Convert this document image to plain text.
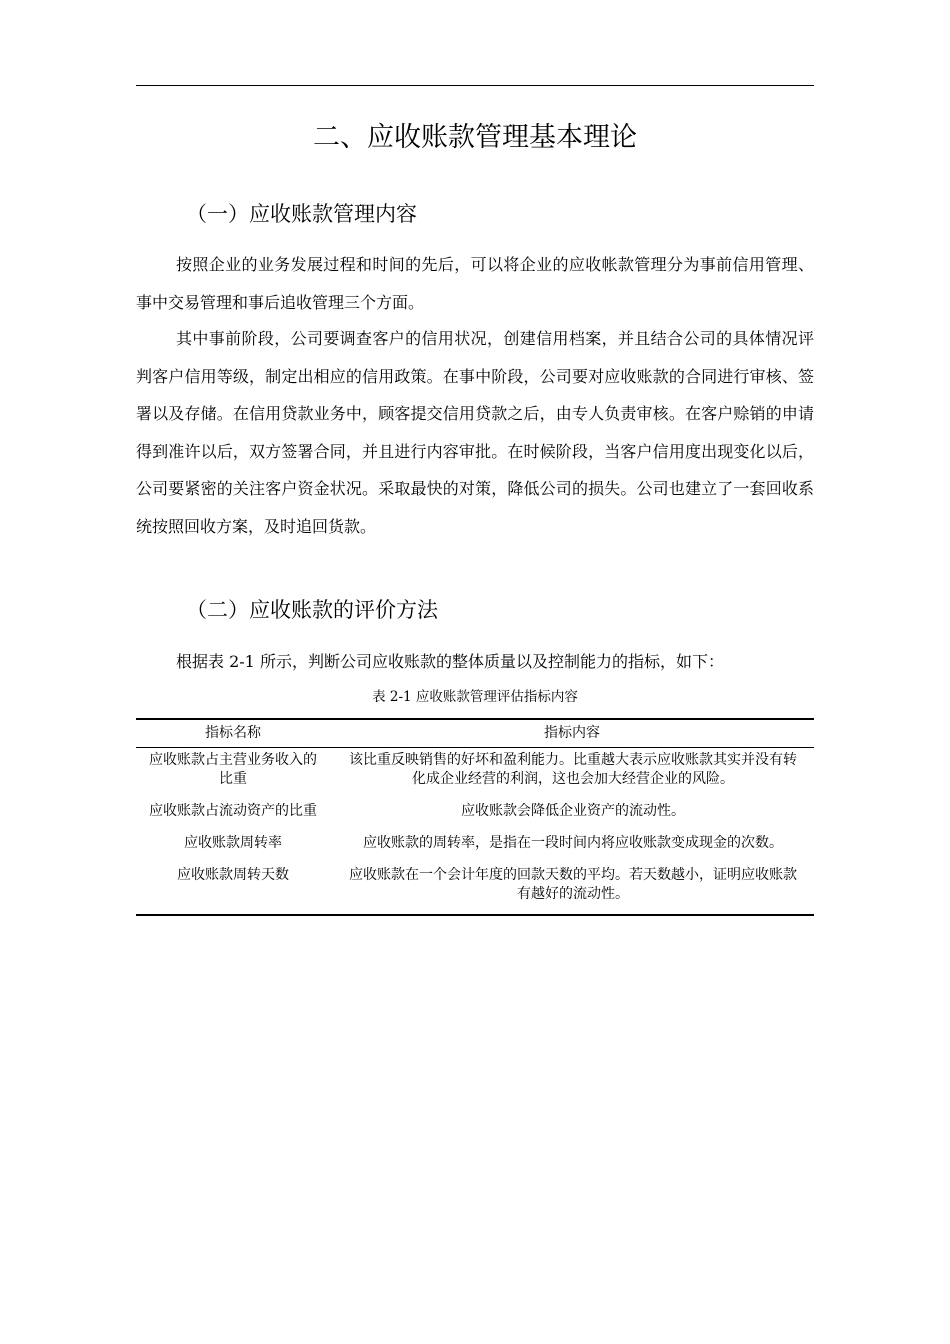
二、应收账款管理基本理论
（一）应收账款管理内容

按照企业的业务发展过程和时间的先后，可以将企业的应收帐款管理分为事前信用管理、事中交易管理和事后追收管理三个方面。

其中事前阶段，公司要调查客户的信用状况，创建信用档案，并且结合公司的具体情况评判客户信用等级，制定出相应的信用政策。在事中阶段，公司要对应收账款的合同进行审核、签署以及存储。在信用贷款业务中，顾客提交信用贷款之后，由专人负责审核。在客户赊销的申请得到准许以后，双方签署合同，并且进行内容审批。在时候阶段，当客户信用度出现变化以后，公司要紧密的关注客户资金状况。采取最快的对策，降低公司的损失。公司也建立了一套回收系统按照回收方案，及时追回货款。

（二）应收账款的评价方法

根据表 2-1 所示，判断公司应收账款的整体质量以及控制能力的指标，如下：

表 2-1 应收账款管理评估指标内容
指标名称	指标内容
应收账款占主营业务收入的比重	该比重反映销售的好坏和盈利能力。比重越大表示应收账款其实并没有转化成企业经营的利润，这也会加大经营企业的风险。
应收账款占流动资产的比重	应收账款会降低企业资产的流动性。
应收账款周转率	应收账款的周转率，是指在一段时间内将应收账款变成现金的次数。
应收账款周转天数	应收账款在一个会计年度的回款天数的平均。若天数越小，证明应收账款有越好的流动性。
